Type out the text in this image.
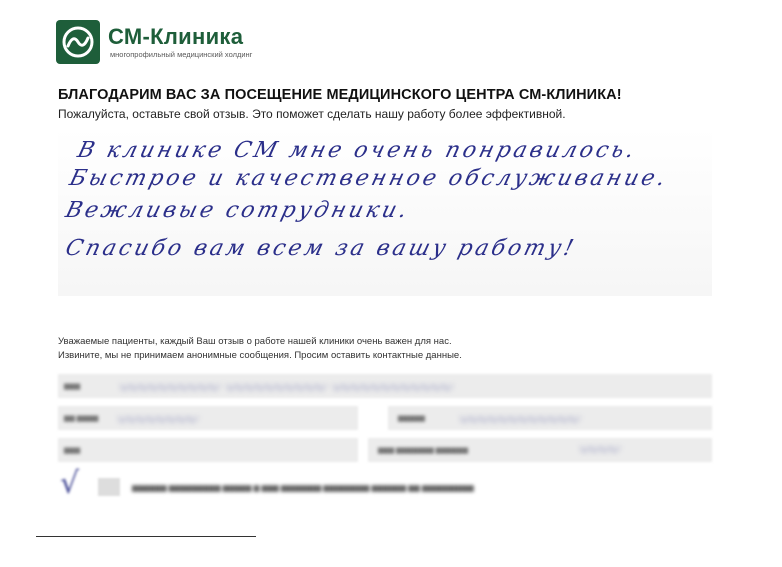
СМ-Клиника
многопрофильный медицинский холдинг
БЛАГОДАРИМ ВАС ЗА ПОСЕЩЕНИЕ МЕДИЦИНСКОГО ЦЕНТРА СМ-КЛИНИКА!
Пожалуйста, оставьте свой отзыв. Это поможет сделать нашу работу более эффективной.
В клинике СМ мне очень понравилось.
Быстрое и качественное обслуживание.
Вежливые сотрудники.
Спасибо вам всем за вашу работу!
Уважаемые пациенты, каждый Ваш отзыв о работе нашей клиники очень важен для нас.
Извините, мы не принимаем анонимные сообщения. Просим оставить контактные данные.
▆▆▆ 〰〰〰〰〰 〰〰〰〰〰 〰〰〰〰〰〰
▆▆ ▆▆▆▆ 〰〰〰〰	▆▆▆▆▆ 〰〰〰〰〰〰
▆▆▆	▆▆▆ ▆▆▆▆▆▆▆ ▆▆▆▆▆▆	〰〰
√	▆▆▆▆▆▆ ▆▆▆▆▆▆▆▆▆ ▆▆▆▆▆ ▆ ▆▆▆ ▆▆▆▆▆▆▆ ▆▆▆▆▆▆▆▆ ▆▆▆▆▆▆ ▆▆ ▆▆▆▆▆▆▆▆▆
